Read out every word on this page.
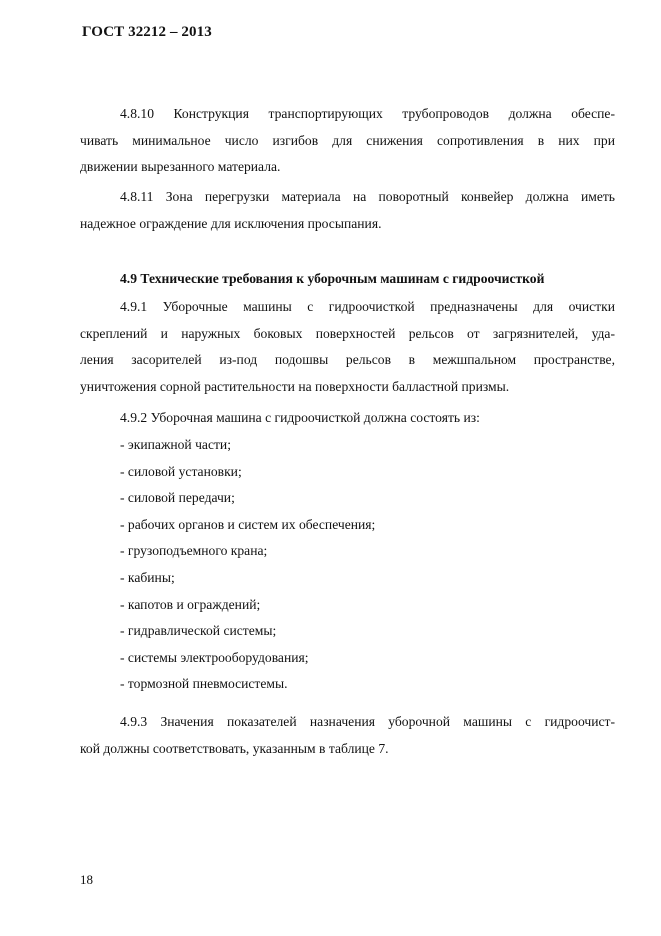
ГОСТ 32212 – 2013
4.8.10 Конструкция транспортирующих трубопроводов должна обеспе-
чивать минимальное число изгибов для снижения сопротивления в них при
движении вырезанного материала.
4.8.11 Зона перегрузки материала на поворотный конвейер должна иметь
надежное ограждение для исключения просыпания.
4.9 Технические требования к уборочным машинам с гидроочисткой
4.9.1 Уборочные машины с гидроочисткой предназначены для очистки
скреплений и наружных боковых поверхностей рельсов от загрязнителей, уда-
ления засорителей из-под подошвы рельсов в межшпальном пространстве,
уничтожения сорной растительности на поверхности балластной призмы.
4.9.2 Уборочная машина с гидроочисткой должна состоять из:
- экипажной части;
- силовой установки;
- силовой передачи;
- рабочих органов и систем их обеспечения;
- грузоподъемного крана;
- кабины;
- капотов и ограждений;
- гидравлической системы;
- системы электрооборудования;
- тормозной пневмосистемы.
4.9.3 Значения показателей назначения уборочной машины с гидроочист-
кой должны соответствовать, указанным в таблице 7.
18
